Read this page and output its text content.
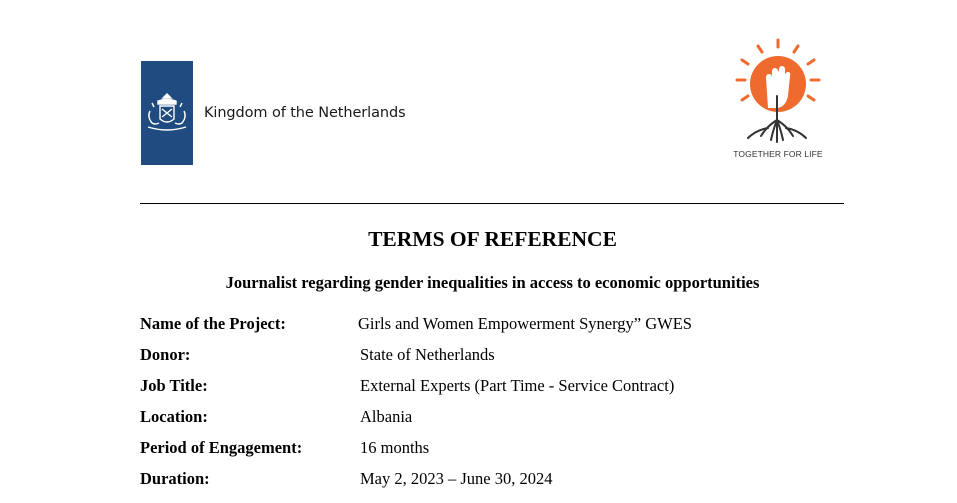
Kingdom of the Netherlands
TOGETHER FOR LIFE
TERMS OF REFERENCE
Journalist regarding gender inequalities in access to economic opportunities
Name of the Project:	Girls and Women Empowerment Synergy” GWES
Donor:	State of Netherlands
Job Title:	External Experts (Part Time - Service Contract)
Location:	Albania
Period of Engagement:	16 months
Duration:	May 2, 2023 – June 30, 2024
